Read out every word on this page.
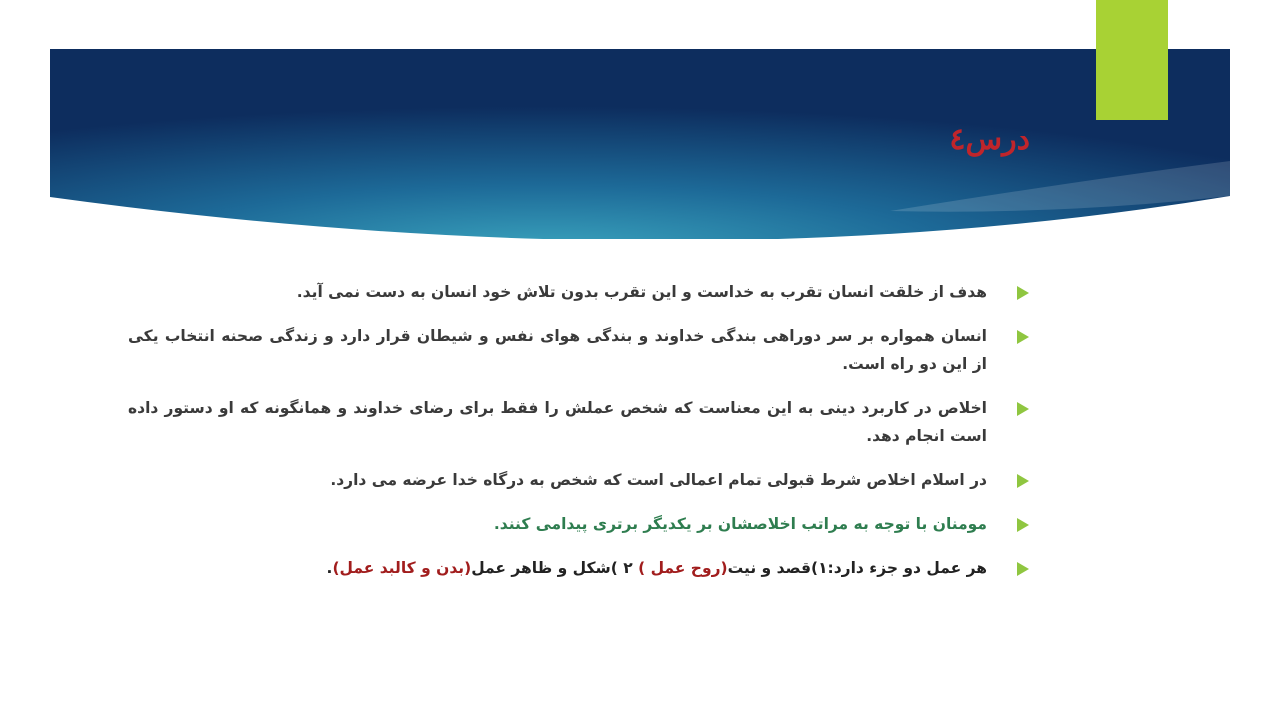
درس٤
هدف از خلقت انسان تقرب به خداست و این تقرب بدون تلاش خود انسان به دست نمی آید.
انسان همواره بر سر دوراهی بندگی خداوند و بندگی هوای نفس و شیطان قرار دارد و زندگی صحنه انتخاب یکی از این دو راه است.
اخلاص در کاربرد دینی به این معناست که شخص عملش را فقط برای رضای خداوند و همانگونه که او دستور داده است انجام دهد.
در اسلام اخلاص شرط قبولی تمام اعمالی است که شخص به درگاه خدا عرضه می دارد.
مومنان با توجه به مراتب اخلاصشان بر یکدیگر برتری پیدامی کنند.
هر عمل دو جزء دارد:۱)قصد و نیت(روح عمل ) ۲ )شکل و ظاهر عمل(بدن و کالبد عمل).
